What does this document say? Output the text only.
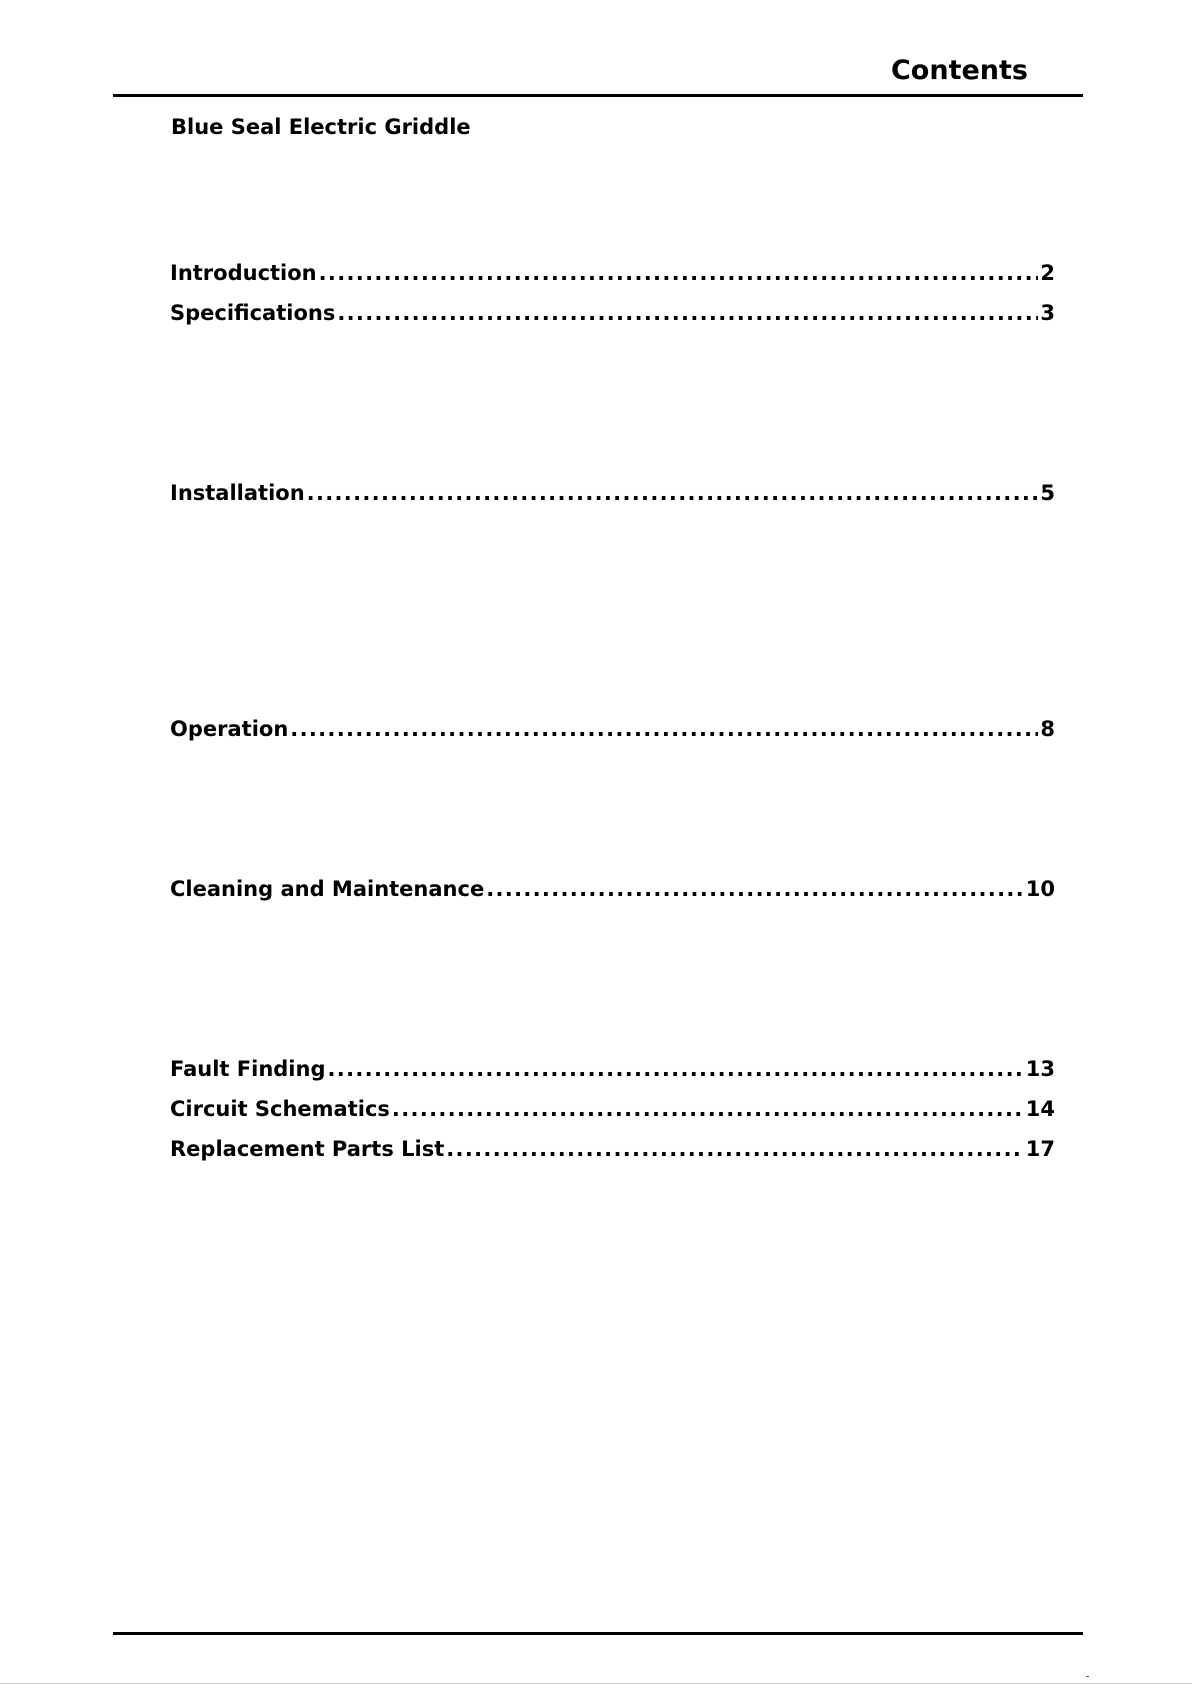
Contents
Blue Seal Electric Griddle
Introduction . . .	2
Specifications . . .	3
Installation . . .	5
Operation . . .	8
Cleaning and Maintenance . . .	10
Fault Finding . . .	13
Circuit Schematics . . .	14
Replacement Parts List . . .	17
